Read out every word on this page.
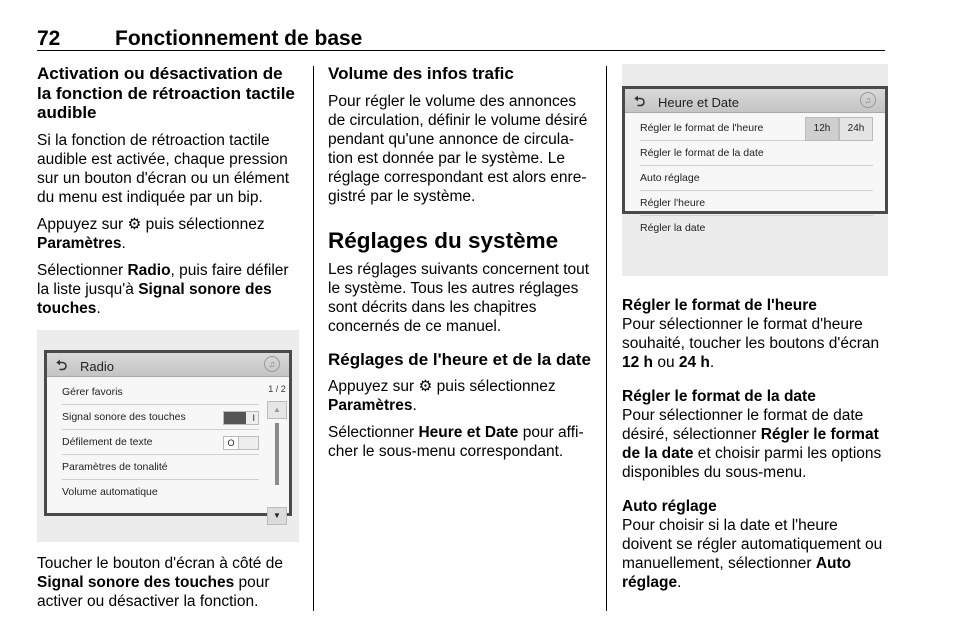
72	Fonctionnement de base
Activation ou désactivation de la fonction de rétroaction tactile audible

Si la fonction de rétroaction tactile audible est activée, chaque pression sur un bouton d'écran ou un élément du menu est indiquée par un bip.

Appuyez sur ⚙ puis sélectionnez Paramètres.

Sélectionner Radio, puis faire défiler la liste jusqu'à Signal sonore des touches.

⮌ Radio	♫
Gérer favoris
Signal sonore des touches	I
Défilement de texte	O
Paramètres de tonalité
Volume automatique
1 / 2
▲
▼

Toucher le bouton d'écran à côté de Signal sonore des touches pour activer ou désactiver la fonction.

Volume des infos trafic

Pour régler le volume des annonces de circulation, définir le volume désiré pendant qu'une annonce de circulation est donnée par le système. Le réglage correspondant est alors enregistré par le système.

Réglages du système

Les réglages suivants concernent tout le système. Tous les autres réglages sont décrits dans les chapitres concernés de ce manuel.

Réglages de l'heure et de la date

Appuyez sur ⚙ puis sélectionnez Paramètres.

Sélectionner Heure et Date pour afficher le sous-menu correspondant.

⮌ Heure et Date	♫
Régler le format de l'heure	12h	24h
Régler le format de la date
Auto réglage
Régler l'heure
Régler la date

Régler le format de l'heure

Pour sélectionner le format d'heure souhaité, toucher les boutons d'écran 12 h ou 24 h.

Régler le format de la date

Pour sélectionner le format de date désiré, sélectionner Régler le format de la date et choisir parmi les options disponibles du sous-menu.

Auto réglage

Pour choisir si la date et l'heure doivent se régler automatiquement ou manuellement, sélectionner Auto réglage.
